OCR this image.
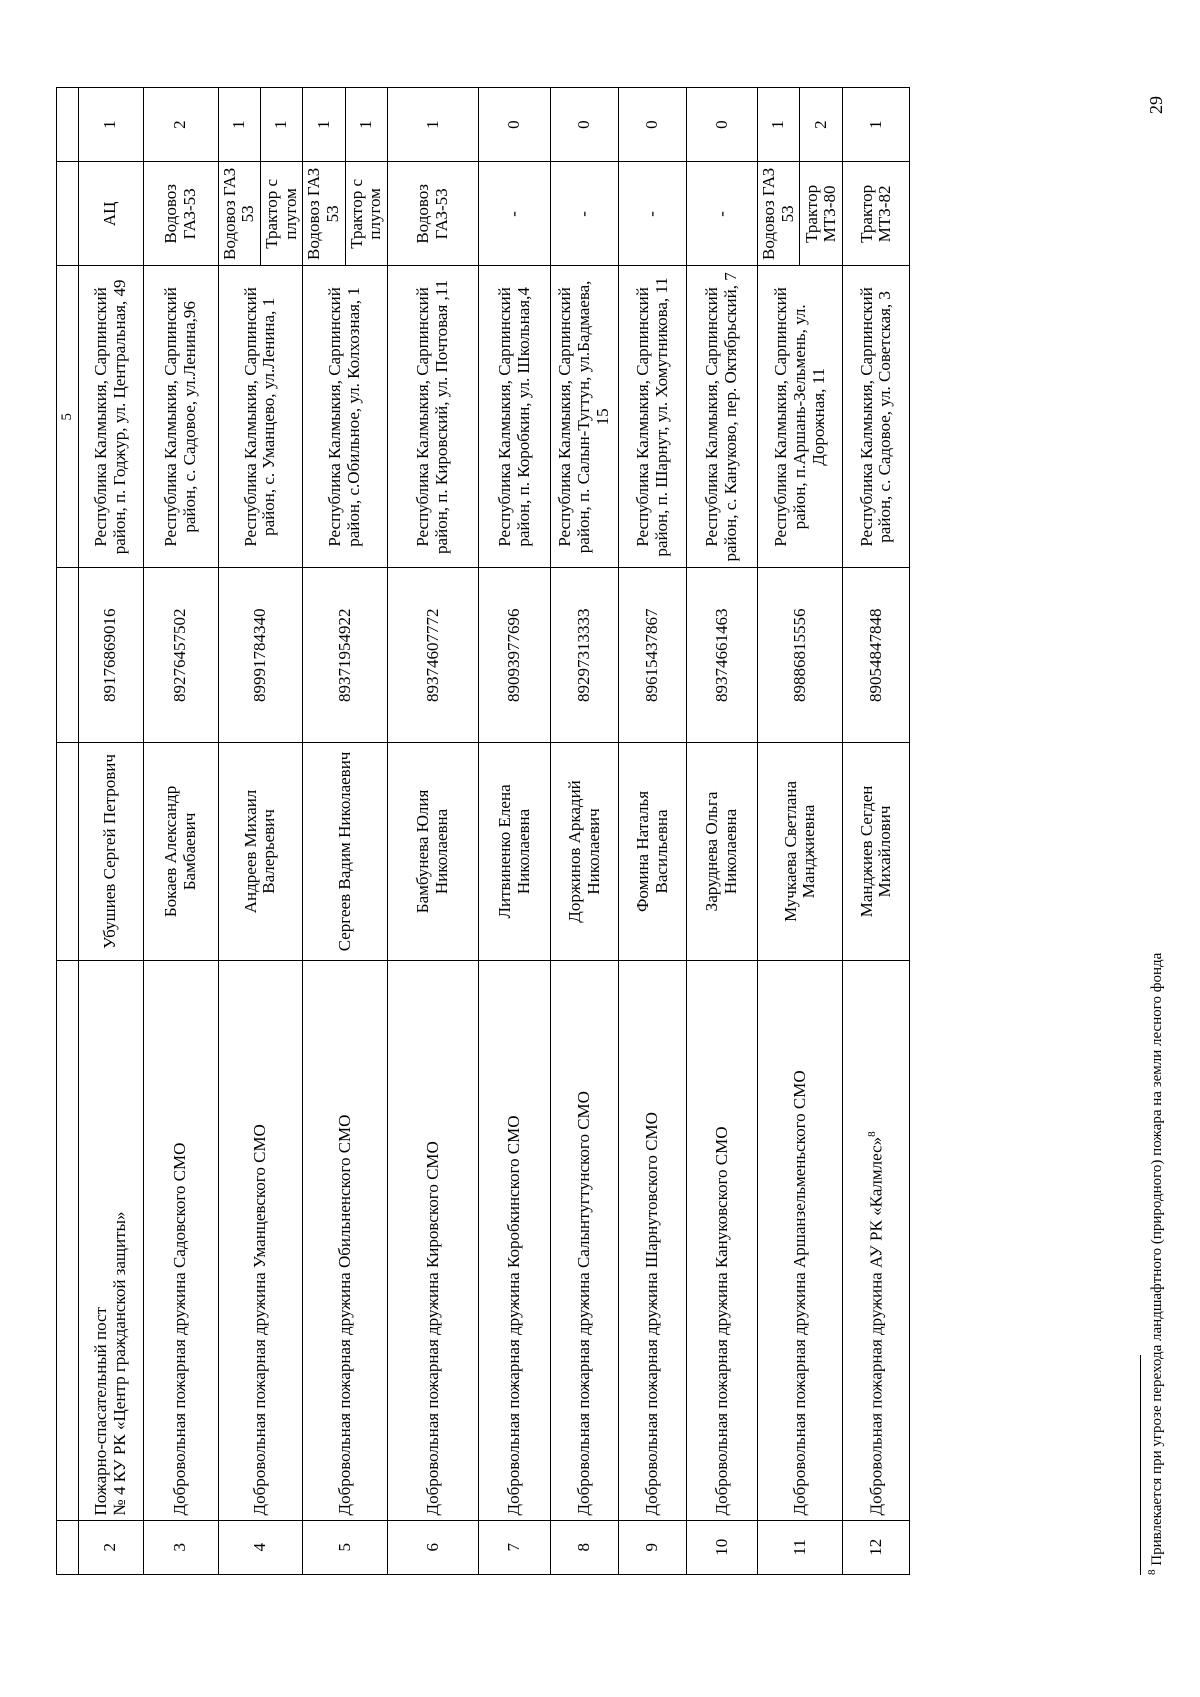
				5		
2	Пожарно-спасательный пост
№ 4 КУ РК «Центр гражданской защиты»	Убушиев Сергей Петрович	89176869016	Республика Калмыкия, Сарпинский район, п. Годжур, ул. Центральная, 49	АЦ	1
3	Добровольная пожарная дружина Садовского СМО	Бокаев Александр Бамбаевич	89276457502	Республика Калмыкия, Сарпинский район, с. Садовое, ул.Ленина,96	Водовоз ГАЗ-53	2
4	Добровольная пожарная дружина Уманцевского СМО	Андреев Михаил Валерьевич	89991784340	Республика Калмыкия, Сарпинский район, с. Уманцево, ул.Ленина, 1	Водовоз ГАЗ 53	1
					Трактор с плугом	1
5	Добровольная пожарная дружина Обильненского СМО	Сергеев Вадим Николаевич	89371954922	Республика Калмыкия, Сарпинский район, с.Обильное, ул. Колхозная, 1	Водовоз ГАЗ 53	1
					Трактор с плугом	1
6	Добровольная пожарная дружина Кировского СМО	Бамбунева Юлия Николаевна	89374607772	Республика Калмыкия, Сарпинский район, п. Кировский, ул. Почтовая ,11	Водовоз ГАЗ-53	1
7	Добровольная пожарная дружина Коробкинского СМО	Литвиненко Елена Николаевна	89093977696	Республика Калмыкия, Сарпинский район, п. Коробкин, ул. Школьная,4	-	0
8	Добровольная пожарная дружина Салынтугтунского СМО	Доржинов Аркадий Николаевич	89297313333	Республика Калмыкия, Сарпинский район, п. Салын-Тугтун, ул.Бадмаева, 15	-	0
9	Добровольная пожарная дружина Шарнутовского СМО	Фомина Наталья Васильевна	89615437867	Республика Калмыкия, Сарпинский район, п. Шарнут, ул. Хомутникова, 11	-	0
10	Добровольная пожарная дружина Кануковского СМО	Заруднева Ольга Николаевна	89374661463	Республика Калмыкия, Сарпинский район, с. Кануково, пер. Октябрьский, 7	-	0
11	Добровольная пожарная дружина Аршанзельменьского СМО	Мучкаева Светлана Манджиевна	89886815556	Республика Калмыкия, Сарпинский район, п.Аршань-Зельмень, ул. Дорожная, 11	Водовоз ГАЗ 53	1
					Трактор МТЗ-80	2
12	Добровольная пожарная дружина АУ РК «Калмлес»$^8$	Манджиев Сегден Михайлович	89054847848	Республика Калмыкия, Сарпинский район, с. Садовое, ул. Советская, 3	Трактор МТЗ-82	1
$^8$ Привлекается при угрозе перехода ландшафтного (природного) пожара на земли лесного фонда
29
